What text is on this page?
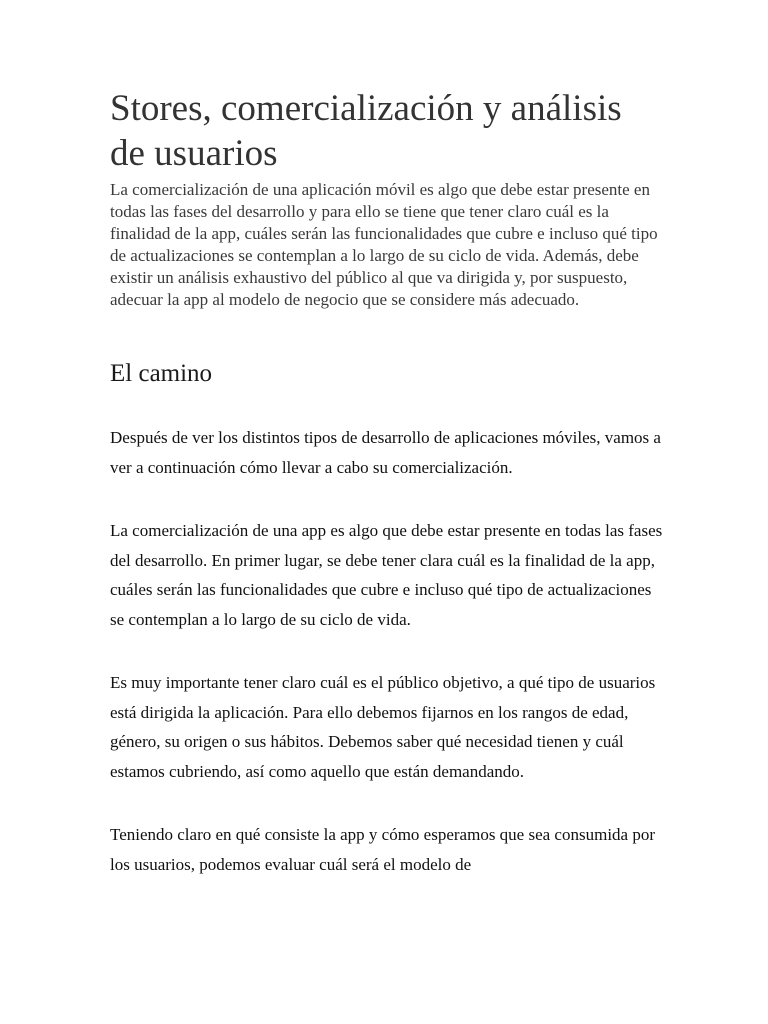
Stores, comercialización y análisis de usuarios

La comercialización de una aplicación móvil es algo que debe estar presente en todas las fases del desarrollo y para ello se tiene que tener claro cuál es la finalidad de la app, cuáles serán las funcionalidades que cubre e incluso qué tipo de actualizaciones se contemplan a lo largo de su ciclo de vida. Además, debe existir un análisis exhaustivo del público al que va dirigida y, por suspuesto, adecuar la app al modelo de negocio que se considere más adecuado.

El camino

Después de ver los distintos tipos de desarrollo de aplicaciones móviles, vamos a ver a continuación cómo llevar a cabo su comercialización.

La comercialización de una app es algo que debe estar presente en todas las fases del desarrollo. En primer lugar, se debe tener clara cuál es la finalidad de la app, cuáles serán las funcionalidades que cubre e incluso qué tipo de actualizaciones se contemplan a lo largo de su ciclo de vida.

Es muy importante tener claro cuál es el público objetivo, a qué tipo de usuarios está dirigida la aplicación. Para ello debemos fijarnos en los rangos de edad, género, su origen o sus hábitos. Debemos saber qué necesidad tienen y cuál estamos cubriendo, así como aquello que están demandando.

Teniendo claro en qué consiste la app y cómo esperamos que sea consumida por los usuarios, podemos evaluar cuál será el modelo de
